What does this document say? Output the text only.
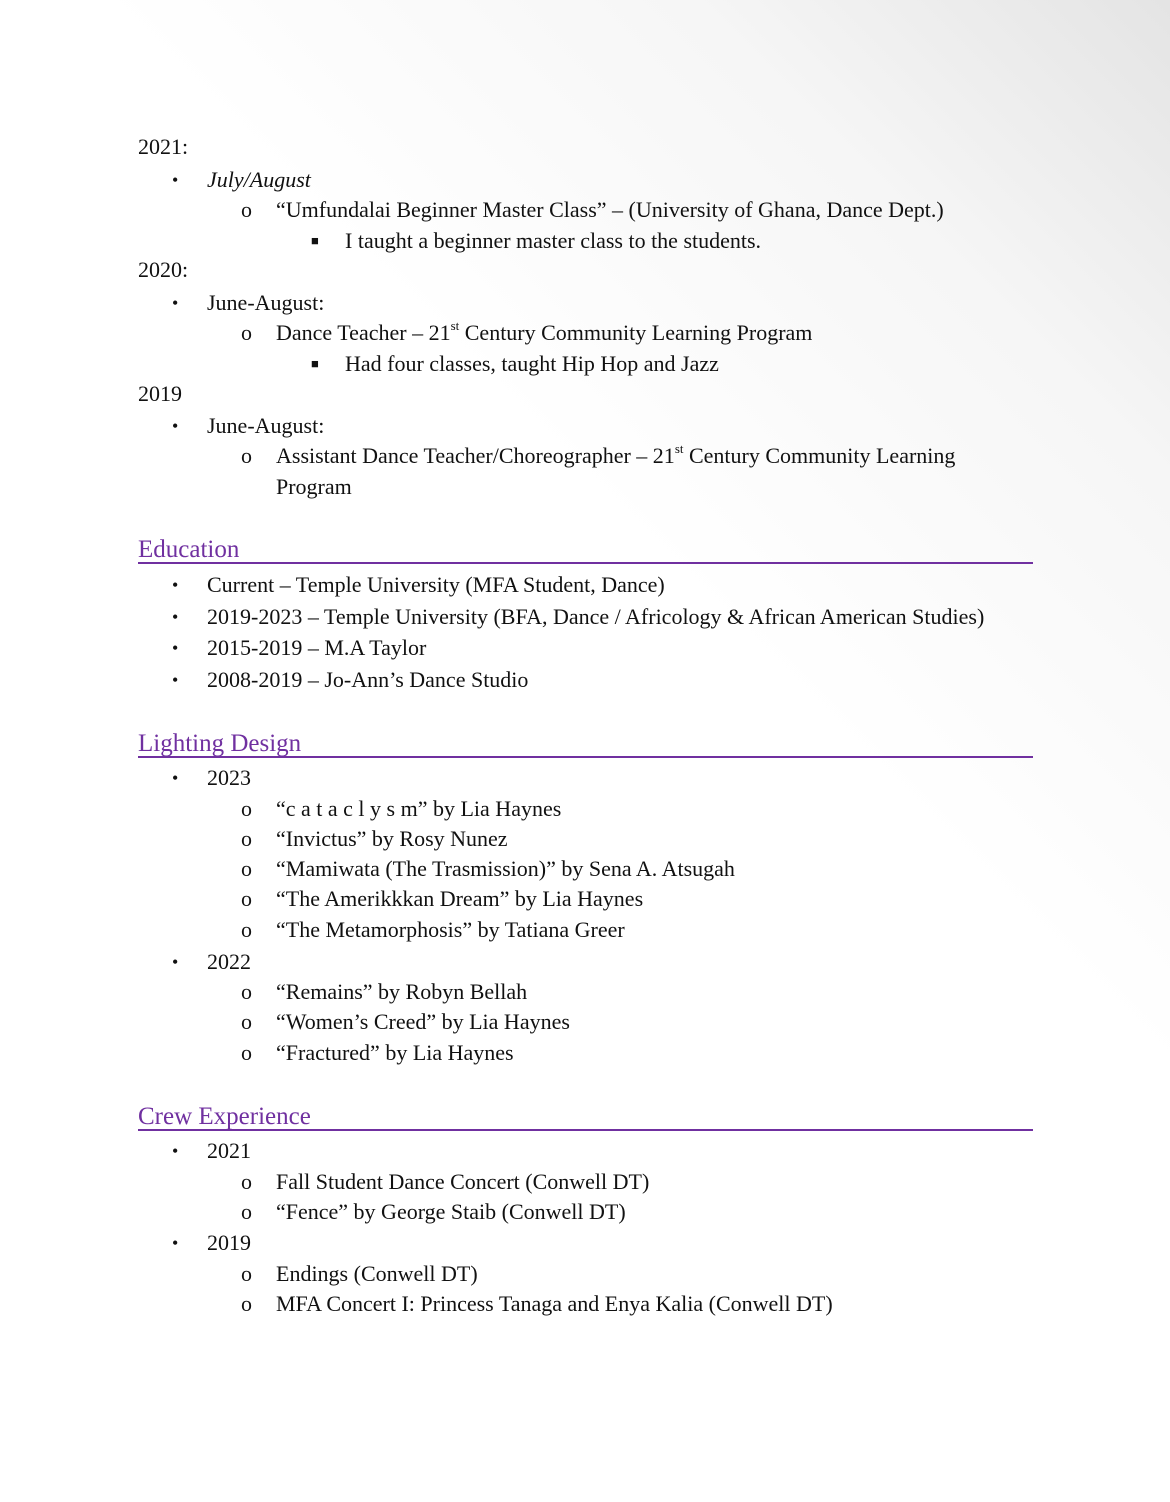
2021:
• July/August
o “Umfundalai Beginner Master Class” – (University of Ghana, Dance Dept.)
■ I taught a beginner master class to the students.
2020:
• June-August:
o Dance Teacher – 21st Century Community Learning Program
■ Had four classes, taught Hip Hop and Jazz
2019
• June-August:
o Assistant Dance Teacher/Choreographer – 21st Century Community Learning
Program
Education
• Current – Temple University (MFA Student, Dance)
• 2019-2023 – Temple University (BFA, Dance / Africology & African American Studies)
• 2015-2019 – M.A Taylor
• 2008-2019 – Jo-Ann’s Dance Studio
Lighting Design
• 2023
o “c a t a c l y s m” by Lia Haynes
o “Invictus” by Rosy Nunez
o “Mamiwata (The Trasmission)” by Sena A. Atsugah
o “The Amerikkkan Dream” by Lia Haynes
o “The Metamorphosis” by Tatiana Greer
• 2022
o “Remains” by Robyn Bellah
o “Women’s Creed” by Lia Haynes
o “Fractured” by Lia Haynes
Crew Experience
• 2021
o Fall Student Dance Concert (Conwell DT)
o “Fence” by George Staib (Conwell DT)
• 2019
o Endings (Conwell DT)
o MFA Concert I: Princess Tanaga and Enya Kalia (Conwell DT)
